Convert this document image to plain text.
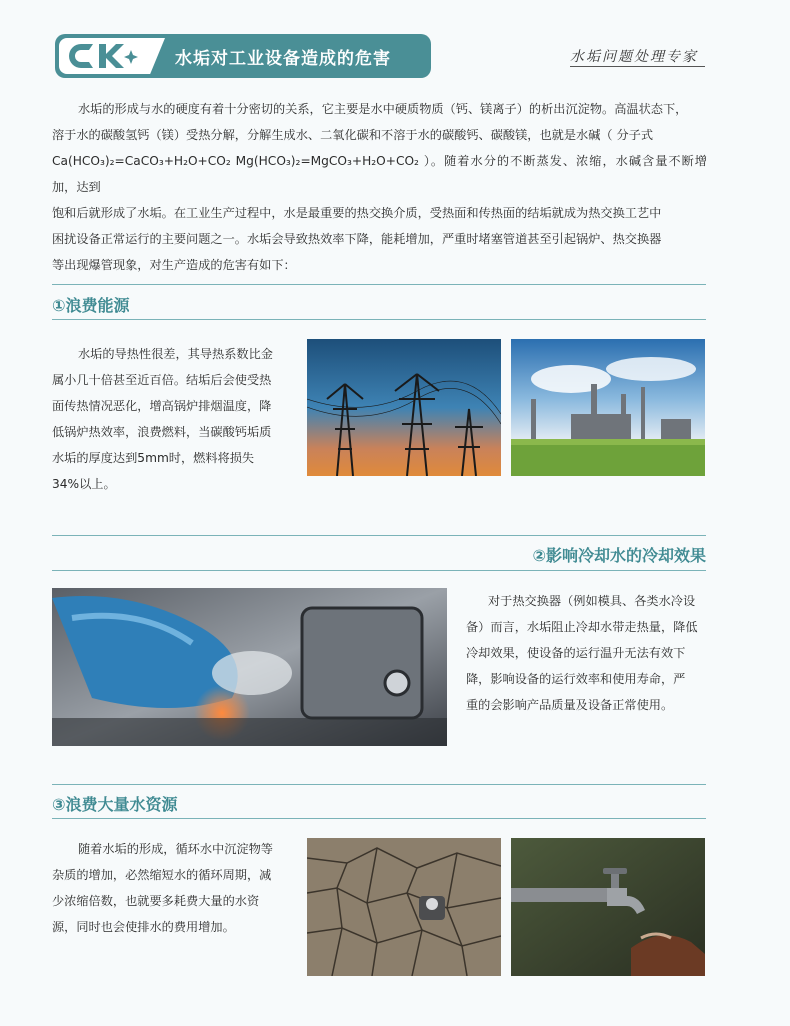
水垢对工业设备造成的危害	水垢问题处理专家
水垢的形成与水的硬度有着十分密切的关系，它主要是水中硬质物质（钙、镁离子）的析出沉淀物。高温状态下，
溶于水的碳酸氢钙（镁）受热分解，分解生成水、二氧化碳和不溶于水的碳酸钙、碳酸镁，也就是水碱（ 分子式
Ca(HCO₃)₂=CaCO₃+H₂O+CO₂ Mg(HCO₃)₂=MgCO₃+H₂O+CO₂ ）。随着水分的不断蒸发、浓缩，水碱含量不断增加，达到
饱和后就形成了水垢。在工业生产过程中，水是最重要的热交换介质，受热面和传热面的结垢就成为热交换工艺中
困扰设备正常运行的主要问题之一。水垢会导致热效率下降，能耗增加，严重时堵塞管道甚至引起锅炉、热交换器
等出现爆管现象，对生产造成的危害有如下：
①浪费能源
水垢的导热性很差，其导热系数比金
属小几十倍甚至近百倍。结垢后会使受热
面传热情况恶化，增高锅炉排烟温度，降
低锅炉热效率，浪费燃料，当碳酸钙垢质
水垢的厚度达到5mm时，燃料将损失
34%以上。
②影响冷却水的冷却效果
对于热交换器（例如模具、各类水冷设
备）而言，水垢阻止冷却水带走热量，降低
冷却效果，使设备的运行温升无法有效下
降，影响设备的运行效率和使用寿命，严
重的会影响产品质量及设备正常使用。
③浪费大量水资源
随着水垢的形成，循环水中沉淀物等
杂质的增加，必然缩短水的循环周期，减
少浓缩倍数，也就要多耗费大量的水资
源，同时也会使排水的费用增加。
